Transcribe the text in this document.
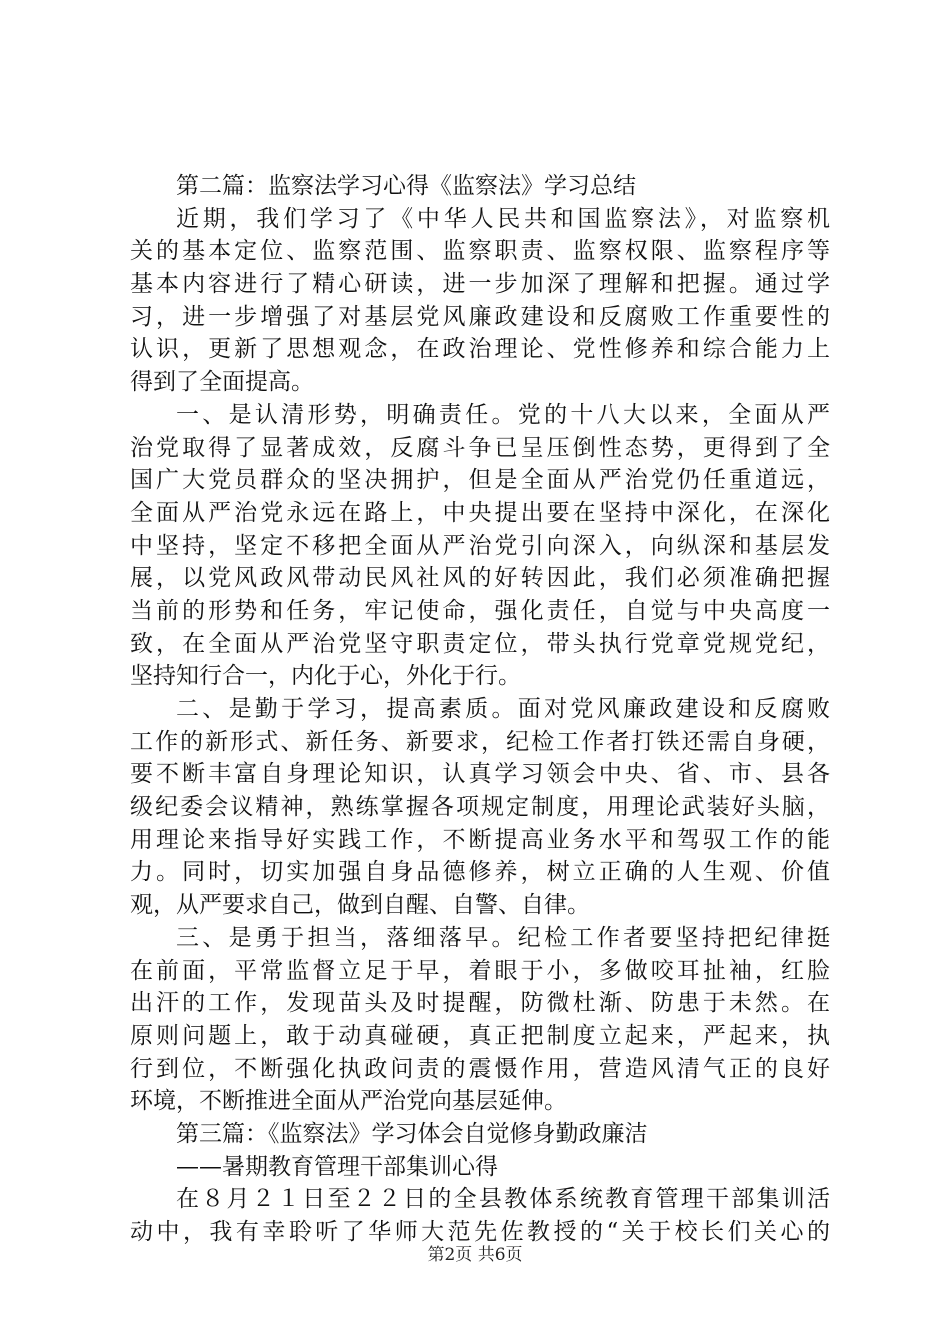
第二篇：监察法学习心得《监察法》学习总结
近期，我们学习了《中华人民共和国监察法》，对监察机
关的基本定位、监察范围、监察职责、监察权限、监察程序等
基本内容进行了精心研读，进一步加深了理解和把握。通过学
习，进一步增强了对基层党风廉政建设和反腐败工作重要性的
认识，更新了思想观念，在政治理论、党性修养和综合能力上
得到了全面提高。
一、是认清形势，明确责任。党的十八大以来，全面从严
治党取得了显著成效，反腐斗争已呈压倒性态势，更得到了全
国广大党员群众的坚决拥护，但是全面从严治党仍任重道远，
全面从严治党永远在路上，中央提出要在坚持中深化，在深化
中坚持，坚定不移把全面从严治党引向深入，向纵深和基层发
展，以党风政风带动民风社风的好转因此，我们必须准确把握
当前的形势和任务，牢记使命，强化责任，自觉与中央高度一
致，在全面从严治党坚守职责定位，带头执行党章党规党纪，
坚持知行合一，内化于心，外化于行。
二、是勤于学习，提高素质。面对党风廉政建设和反腐败
工作的新形式、新任务、新要求，纪检工作者打铁还需自身硬，
要不断丰富自身理论知识，认真学习领会中央、省、市、县各
级纪委会议精神，熟练掌握各项规定制度，用理论武装好头脑，
用理论来指导好实践工作，不断提高业务水平和驾驭工作的能
力。同时，切实加强自身品德修养，树立正确的人生观、价值
观，从严要求自己，做到自醒、自警、自律。
三、是勇于担当，落细落早。纪检工作者要坚持把纪律挺
在前面，平常监督立足于早，着眼于小，多做咬耳扯袖，红脸
出汗的工作，发现苗头及时提醒，防微杜渐、防患于未然。在
原则问题上，敢于动真碰硬，真正把制度立起来，严起来，执
行到位，不断强化执政问责的震慑作用，营造风清气正的良好
环境，不断推进全面从严治党向基层延伸。
第三篇：《监察法》学习体会自觉修身勤政廉洁
——暑期教育管理干部集训心得
在８月２１日至２２日的全县教体系统教育管理干部集训活
动中，我有幸聆听了华师大范先佐教授的“关于校长们关心的
第2页 共6页
